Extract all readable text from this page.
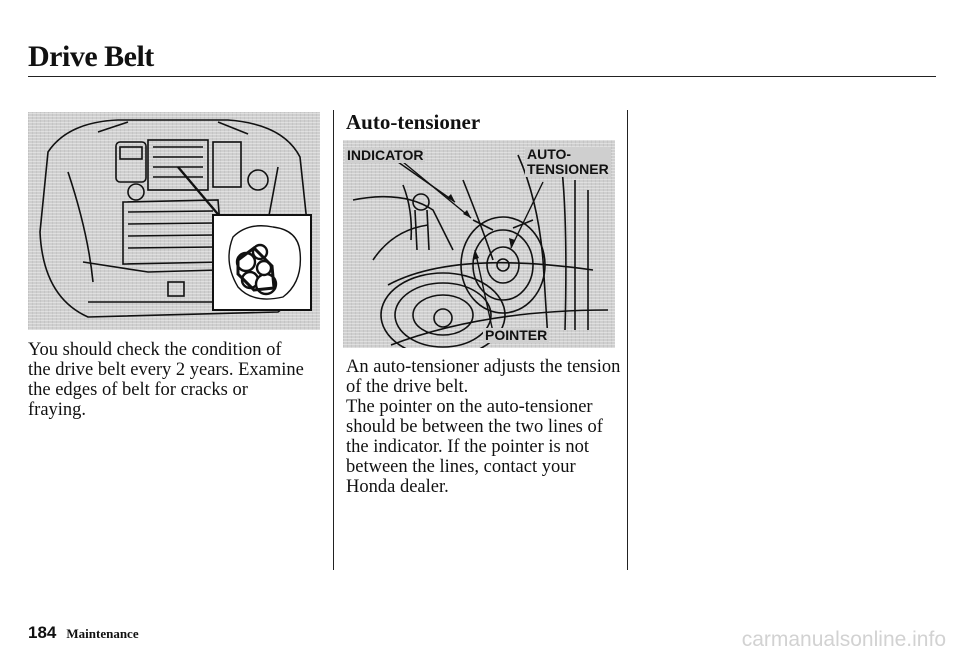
Drive Belt

You should check the condition of
the drive belt every 2 years. Examine
the edges of belt for cracks or
fraying.

Auto-tensioner
INDICATOR	AUTO-
TENSIONER
POINTER

An auto-tensioner adjusts the tension
of the drive belt.
The pointer on the auto-tensioner
should be between the two lines of
the indicator. If the pointer is not
between the lines, contact your
Honda dealer.

184 Maintenance	carmanualsonline.info
